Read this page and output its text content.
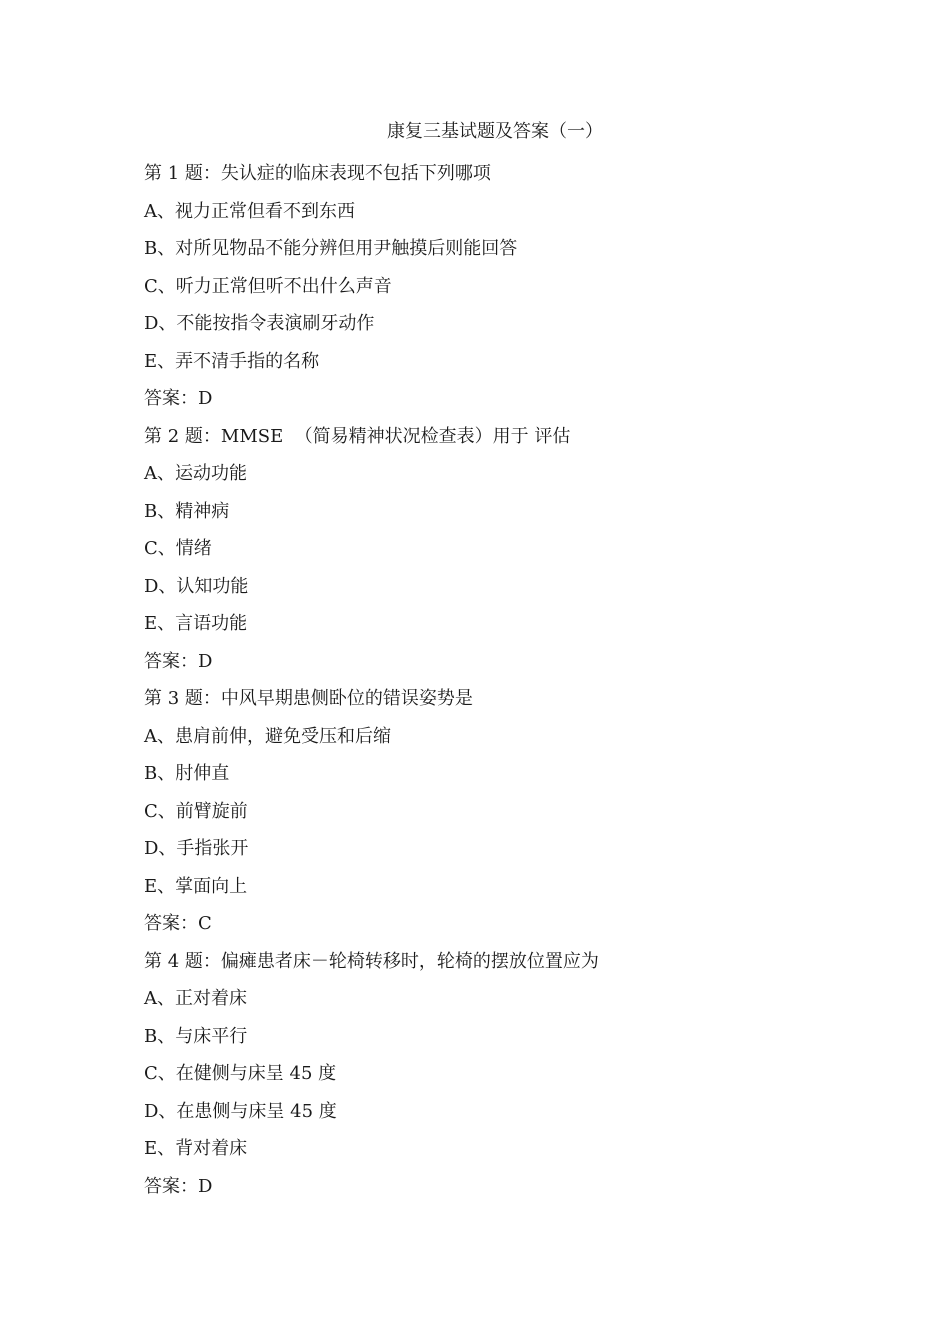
康复三基试题及答案（一）
第 1 题：失认症的临床表现不包括下列哪项
A、视力正常但看不到东西
B、对所见物品不能分辨但用尹触摸后则能回答
C、听力正常但听不出什么声音
D、不能按指令表演刷牙动作
E、弄不清手指的名称
答案：D
第 2 题：MMSE  （简易精神状况检查表）用于 评估
A、运动功能
B、精神病
C、情绪
D、认知功能
E、言语功能
答案：D
第 3 题：中风早期患侧卧位的错误姿势是
A、患肩前伸，避免受压和后缩
B、肘伸直
C、前臂旋前
D、手指张开
E、掌面向上
答案：C
第 4 题：偏瘫患者床－轮椅转移时，轮椅的摆放位置应为
A、正对着床
B、与床平行
C、在健侧与床呈 45 度
D、在患侧与床呈 45 度
E、背对着床
答案：D
